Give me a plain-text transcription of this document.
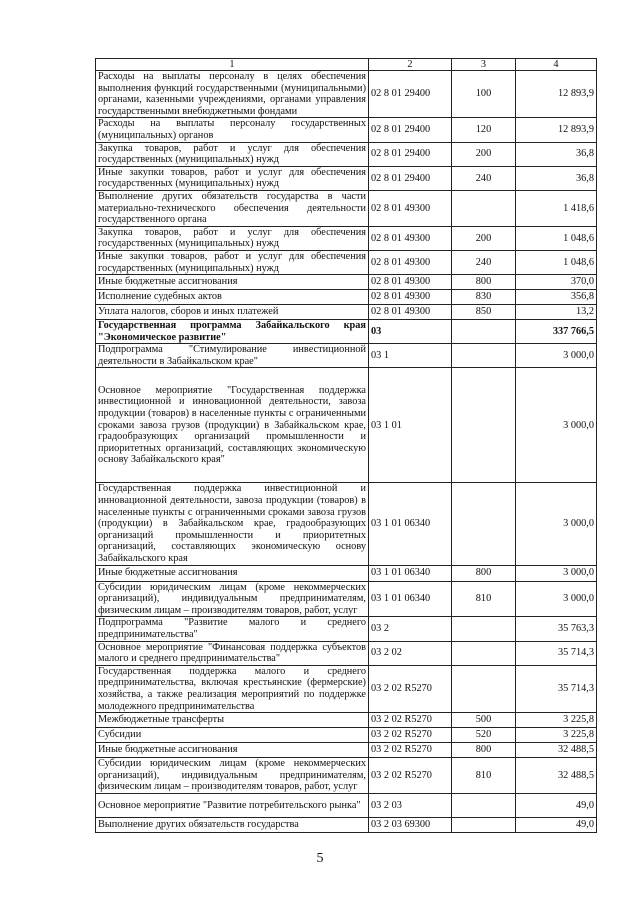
1	2	3	4
Расходы на выплаты персоналу в целях обеспечения выполнения функций государственными (муниципальными) органами, казенными учреждениями, органами управления государственными внебюджетными фондами	02 8 01 29400	100	12 893,9
Расходы на выплаты персоналу государственных (муниципальных) органов	02 8 01 29400	120	12 893,9
Закупка товаров, работ и услуг для обеспечения государственных (муниципальных) нужд	02 8 01 29400	200	36,8
Иные закупки товаров, работ и услуг для обеспечения государственных (муниципальных) нужд	02 8 01 29400	240	36,8
Выполнение других обязательств государства в части материально-технического обеспечения деятельности государственного органа	02 8 01 49300		1 418,6
Закупка товаров, работ и услуг для обеспечения государственных (муниципальных) нужд	02 8 01 49300	200	1 048,6
Иные закупки товаров, работ и услуг для обеспечения государственных (муниципальных) нужд	02 8 01 49300	240	1 048,6
Иные бюджетные ассигнования	02 8 01 49300	800	370,0
Исполнение судебных актов	02 8 01 49300	830	356,8
Уплата налогов, сборов и иных платежей	02 8 01 49300	850	13,2
Государственная программа Забайкальского края "Экономическое развитие"	03		337 766,5
Подпрограмма "Стимулирование инвестиционной деятельности в Забайкальском крае"	03 1		3 000,0
Основное мероприятие "Государственная поддержка инвестиционной и инновационной деятельности, завоза продукции (товаров) в населенные пункты с ограниченными сроками завоза грузов (продукции) в Забайкальском крае, градообразующих организаций промышленности и приоритетных организаций, составляющих экономическую основу Забайкальского края"	03 1 01		3 000,0
Государственная поддержка инвестиционной и инновационной деятельности, завоза продукции (товаров) в населенные пункты с ограниченными сроками завоза грузов (продукции) в Забайкальском крае, градообразующих организаций промышленности и приоритетных организаций, составляющих экономическую основу Забайкальского края	03 1 01 06340		3 000,0
Иные бюджетные ассигнования	03 1 01 06340	800	3 000,0
Субсидии юридическим лицам (кроме некоммерческих организаций), индивидуальным предпринимателям, физическим лицам – производителям товаров, работ, услуг	03 1 01 06340	810	3 000,0
Подпрограмма "Развитие малого и среднего предпринимательства"	03 2		35 763,3
Основное мероприятие "Финансовая поддержка субъектов малого и среднего предпринимательства"	03 2 02		35 714,3
Государственная поддержка малого и среднего предпринимательства, включая крестьянские (фермерские) хозяйства, а также реализация мероприятий по поддержке молодежного предпринимательства	03 2 02 R5270		35 714,3
Межбюджетные трансферты	03 2 02 R5270	500	3 225,8
Субсидии	03 2 02 R5270	520	3 225,8
Иные бюджетные ассигнования	03 2 02 R5270	800	32 488,5
Субсидии юридическим лицам (кроме некоммерческих организаций), индивидуальным предпринимателям, физическим лицам – производителям товаров, работ, услуг	03 2 02 R5270	810	32 488,5
Основное мероприятие "Развитие потребительского рынка"	03 2 03		49,0
Выполнение других обязательств государства	03 2 03 69300		49,0
5
